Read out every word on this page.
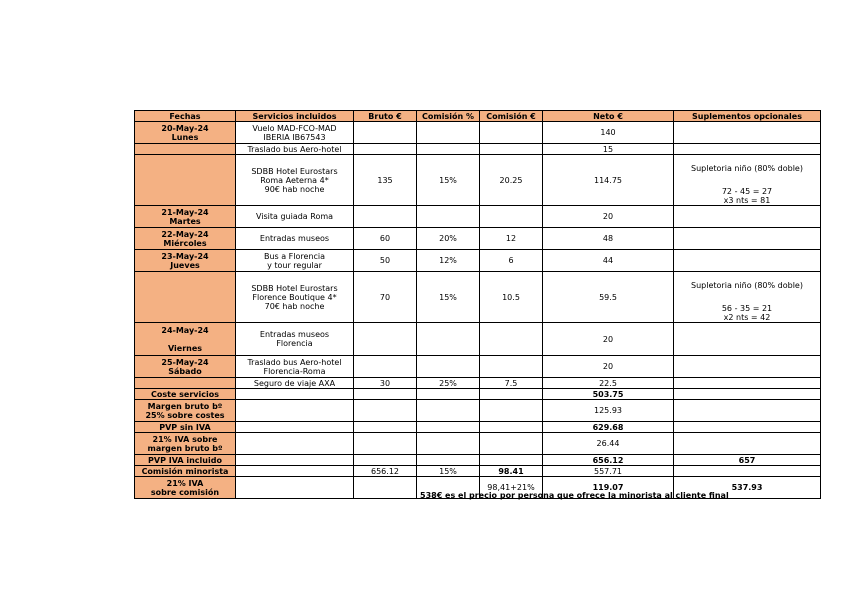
Fechas	Servicios incluidos	Bruto €	Comisión %	Comisión €	Neto €	Suplementos opcionales
20-May-24
Lunes	Vuelo MAD-FCO-MAD
IBERIA IB67543				140	
	Traslado bus Aero-hotel				15	
	SDBB Hotel Eurostars
Roma Aeterna 4*
90€ hab noche	135	15%	20.25	114.75	Supletoria niño (80% doble)

72 - 45 = 27
x3 nts = 81

21-May-24
Martes	Visita guiada Roma				20	
22-May-24
Miércoles	Entradas museos	60	20%	12	48	
23-May-24
Jueves	Bus a Florencia
y tour regular	50	12%	6	44	
	SDBB Hotel Eurostars
Florence Boutique 4*
70€ hab noche	70	15%	10.5	59.5	Supletoria niño (80% doble)

56 - 35 = 21
x2 nts = 42

24-May-24

Viernes	Entradas museos
Florencia				20	
25-May-24
Sábado	Traslado bus Aero-hotel
Florencia-Roma				20	
	Seguro de viaje AXA	30	25%	7.5	22.5	
Coste servicios					503.75	
Margen bruto bº
25% sobre costes					125.93	
PVP sin IVA					629.68	
21% IVA sobre
margen bruto bº					26.44	
PVP IVA incluido					656.12	657
Comisión minorista		656.12	15%	98.41	557.71	
21% IVA
sobre comisión				98,41+21%	119.07	537.93
538€ es el precio por persona que ofrece la minorista al cliente final
